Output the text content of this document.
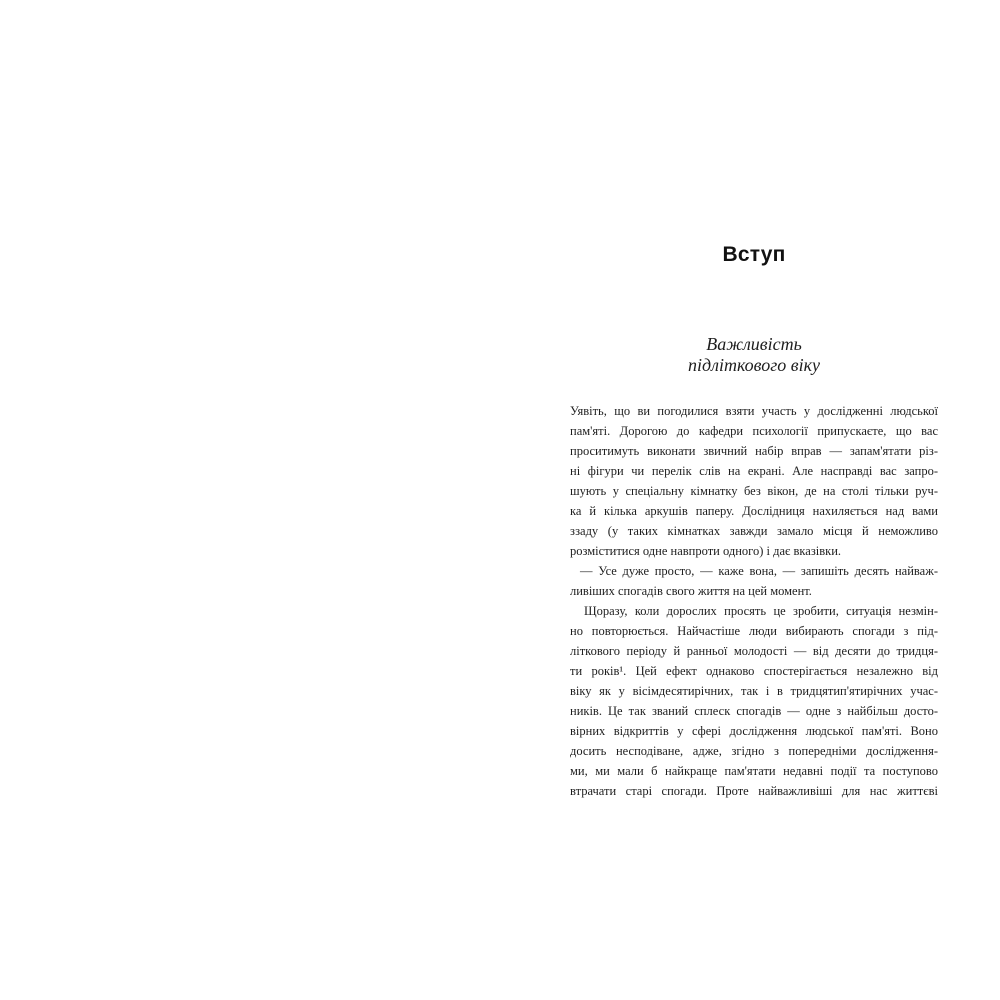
Вступ
Важливість
підліткового віку
Уявіть, що ви погодилися взяти участь у дослідженні людської
пам'яті. Дорогою до кафедри психології припускаєте, що вас
проситимуть виконати звичний набір вправ — запам'ятати різ-
ні фігури чи перелік слів на екрані. Але насправді вас запро-
шують у спеціальну кімнатку без вікон, де на столі тільки руч-
ка й кілька аркушів паперу. Дослідниця нахиляється над вами
ззаду (у таких кімнатках завжди замало місця й неможливо
розміститися одне навпроти одного) і дає вказівки.
— Усе дуже просто, — каже вона, — запишіть десять найваж-
ливіших спогадів свого життя на цей момент.
Щоразу, коли дорослих просять це зробити, ситуація незмін-
но повторюється. Найчастіше люди вибирають спогади з під-
літкового періоду й ранньої молодості — від десяти до тридця-
ти років¹. Цей ефект однаково спостерігається незалежно від
віку як у вісімдесятирічних, так і в тридцятип'ятирічних учас-
ників. Це так званий сплеск спогадів — одне з найбільш досто-
вірних відкриттів у сфері дослідження людської пам'яті. Воно
досить несподіване, адже, згідно з попередніми дослідження-
ми, ми мали б найкраще пам'ятати недавні події та поступово
втрачати старі спогади. Проте найважливіші для нас життєві
